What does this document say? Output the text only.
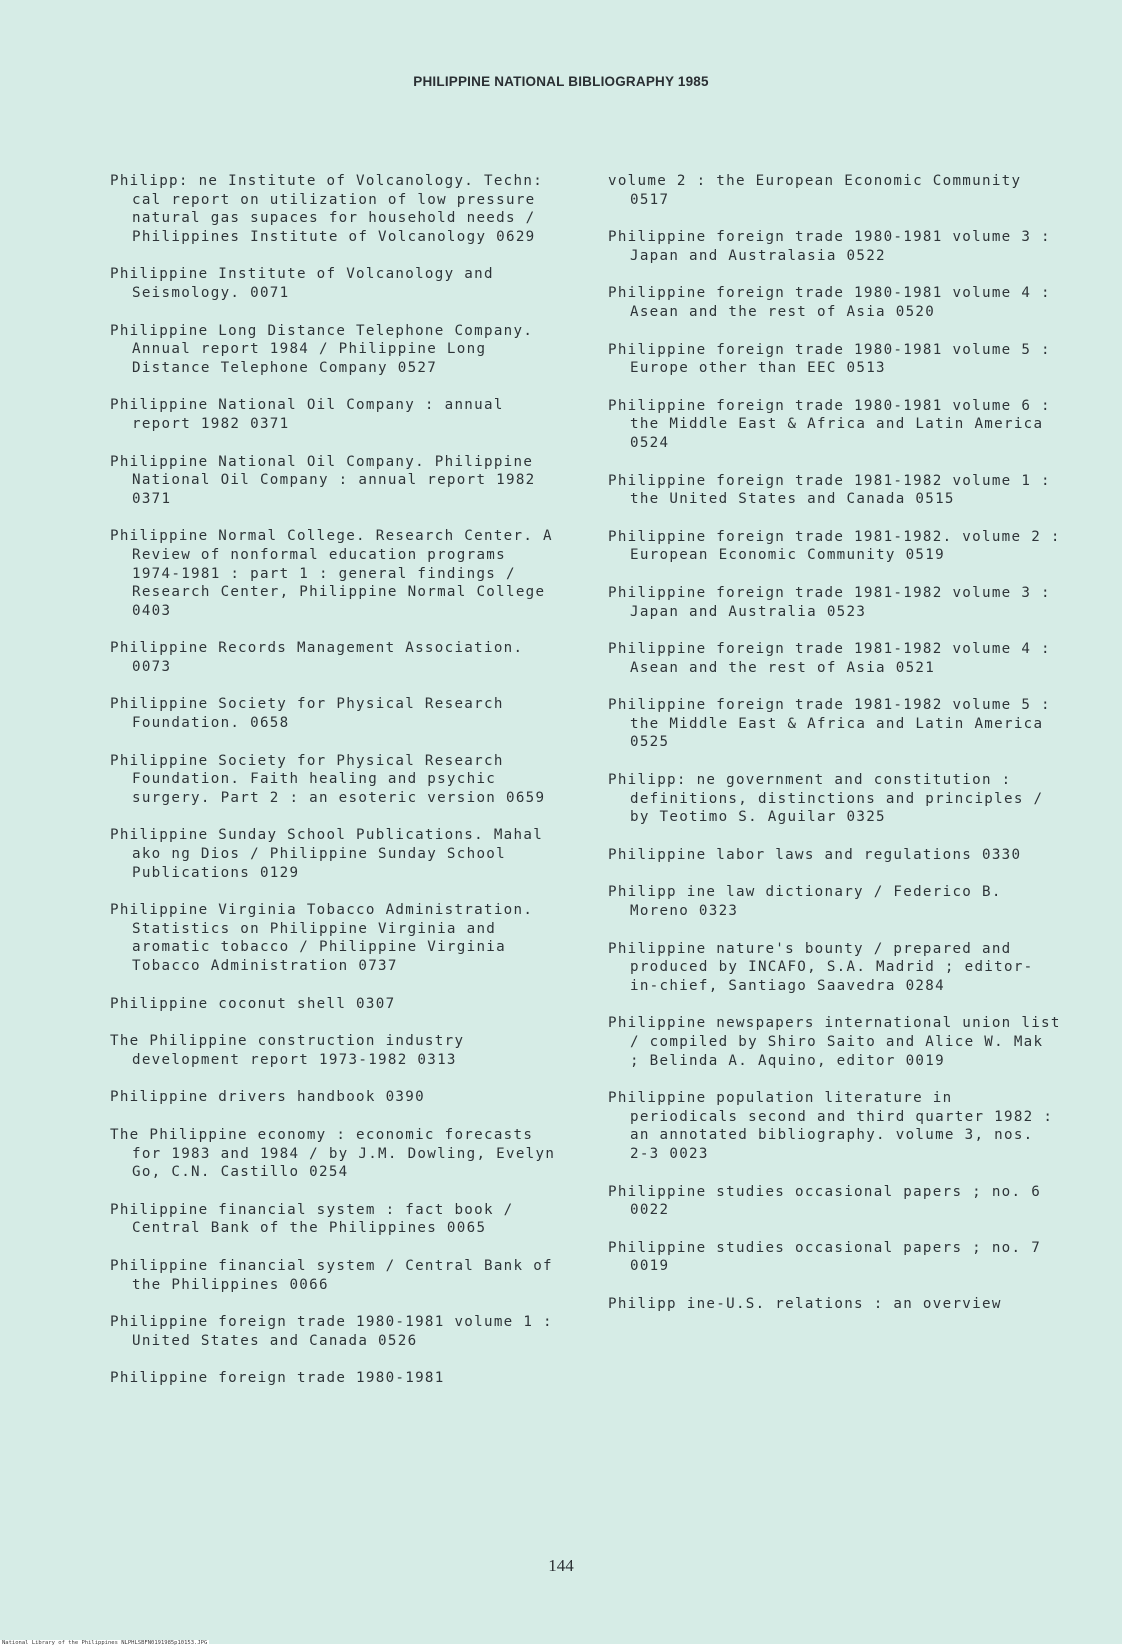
PHILIPPINE NATIONAL BIBLIOGRAPHY 1985

Philipp: ne Institute of Volcanology. Techn: cal report on utilization of low pressure natural gas supaces for household needs / Philippines Institute of Volcanology 0629

Philippine Institute of Volcanology and Seismology. 0071

Philippine Long Distance Telephone Company. Annual report 1984 / Philippine Long Distance Telephone Company 0527

Philippine National Oil Company : annual report 1982 0371

Philippine National Oil Company. Philippine National Oil Company : annual report 1982 0371

Philippine Normal College. Research Center. A Review of nonformal education programs 1974-1981 : part 1 : general findings / Research Center, Philippine Normal College 0403

Philippine Records Management Association. 0073

Philippine Society for Physical Research Foundation. 0658

Philippine Society for Physical Research Foundation. Faith healing and psychic surgery. Part 2 : an esoteric version 0659

Philippine Sunday School Publications. Mahal ako ng Dios / Philippine Sunday School Publications 0129

Philippine Virginia Tobacco Administration. Statistics on Philippine Virginia and aromatic tobacco / Philippine Virginia Tobacco Administration 0737

Philippine coconut shell 0307

The Philippine construction industry development report 1973-1982 0313

Philippine drivers handbook 0390

The Philippine economy : economic forecasts for 1983 and 1984 / by J.M. Dowling, Evelyn Go, C.N. Castillo 0254

Philippine financial system : fact book / Central Bank of the Philippines 0065

Philippine financial system / Central Bank of the Philippines 0066

Philippine foreign trade 1980-1981 volume 1 : United States and Canada 0526

Philippine foreign trade 1980-1981

volume 2 : the European Economic Community 0517

Philippine foreign trade 1980-1981 volume 3 : Japan and Australasia 0522

Philippine foreign trade 1980-1981 volume 4 : Asean and the rest of Asia 0520

Philippine foreign trade 1980-1981 volume 5 : Europe other than EEC 0513

Philippine foreign trade 1980-1981 volume 6 : the Middle East & Africa and Latin America 0524

Philippine foreign trade 1981-1982 volume 1 : the United States and Canada 0515

Philippine foreign trade 1981-1982. volume 2 : European Economic Community 0519

Philippine foreign trade 1981-1982 volume 3 : Japan and Australia 0523

Philippine foreign trade 1981-1982 volume 4 : Asean and the rest of Asia 0521

Philippine foreign trade 1981-1982 volume 5 : the Middle East & Africa and Latin America 0525

Philipp: ne government and constitution : definitions, distinctions and principles / by Teotimo S. Aguilar 0325

Philippine labor laws and regulations 0330

Philipp ine law dictionary / Federico B. Moreno 0323

Philippine nature's bounty / prepared and produced by INCAFO, S.A. Madrid ; editor-in-chief, Santiago Saavedra 0284

Philippine newspapers international union list / compiled by Shiro Saito and Alice W. Mak ; Belinda A. Aquino, editor 0019

Philippine population literature in periodicals second and third quarter 1982 : an annotated bibliography. volume 3, nos. 2-3 0023

Philippine studies occasional papers ; no. 6 0022

Philippine studies occasional papers ; no. 7 0019

Philipp ine-U.S. relations : an overview

144
National Library of the Philippines NLPHLSBFN0191985p10153.JPG
